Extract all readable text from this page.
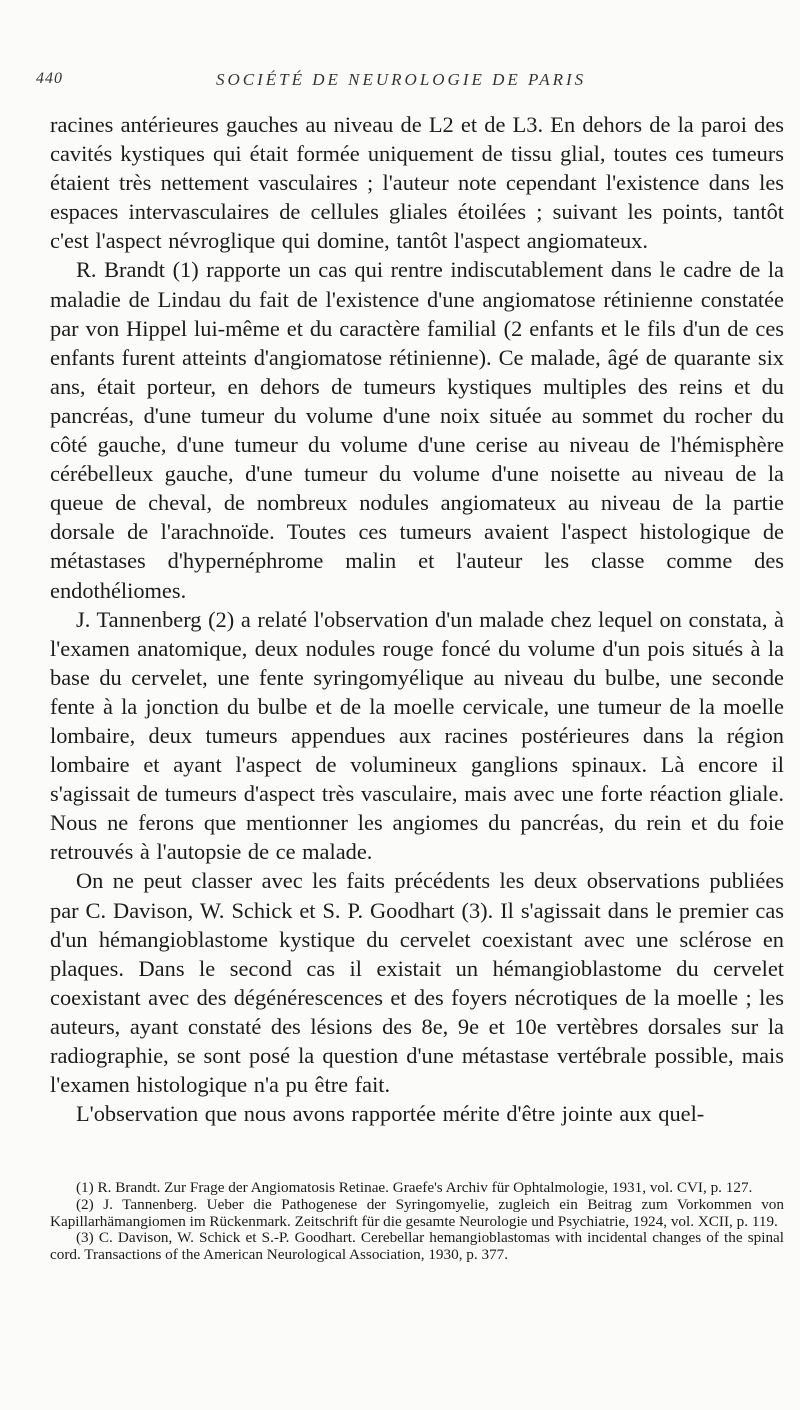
440	SOCIÉTÉ DE NEUROLOGIE DE PARIS

racines antérieures gauches au niveau de L2 et de L3. En dehors de la paroi des cavités kystiques qui était formée uniquement de tissu glial, toutes ces tumeurs étaient très nettement vasculaires ; l'auteur note cependant l'existence dans les espaces intervasculaires de cellules gliales étoilées ; suivant les points, tantôt c'est l'aspect névroglique qui domine, tantôt l'aspect angiomateux.

R. Brandt (1) rapporte un cas qui rentre indiscutablement dans le cadre de la maladie de Lindau du fait de l'existence d'une angiomatose rétinienne constatée par von Hippel lui-même et du caractère familial (2 enfants et le fils d'un de ces enfants furent atteints d'angiomatose rétinienne). Ce malade, âgé de quarante six ans, était porteur, en dehors de tumeurs kystiques multiples des reins et du pancréas, d'une tumeur du volume d'une noix située au sommet du rocher du côté gauche, d'une tumeur du volume d'une cerise au niveau de l'hémisphère cérébelleux gauche, d'une tumeur du volume d'une noisette au niveau de la queue de cheval, de nombreux nodules angiomateux au niveau de la partie dorsale de l'arachnoïde. Toutes ces tumeurs avaient l'aspect histologique de métastases d'hypernéphrome malin et l'auteur les classe comme des endothéliomes.

J. Tannenberg (2) a relaté l'observation d'un malade chez lequel on constata, à l'examen anatomique, deux nodules rouge foncé du volume d'un pois situés à la base du cervelet, une fente syringomyélique au niveau du bulbe, une seconde fente à la jonction du bulbe et de la moelle cervicale, une tumeur de la moelle lombaire, deux tumeurs appendues aux racines postérieures dans la région lombaire et ayant l'aspect de volumineux ganglions spinaux. Là encore il s'agissait de tumeurs d'aspect très vasculaire, mais avec une forte réaction gliale. Nous ne ferons que mentionner les angiomes du pancréas, du rein et du foie retrouvés à l'autopsie de ce malade.

On ne peut classer avec les faits précédents les deux observations publiées par C. Davison, W. Schick et S. P. Goodhart (3). Il s'agissait dans le premier cas d'un hémangioblastome kystique du cervelet coexistant avec une sclérose en plaques. Dans le second cas il existait un hémangioblastome du cervelet coexistant avec des dégénérescences et des foyers nécrotiques de la moelle ; les auteurs, ayant constaté des lésions des 8e, 9e et 10e vertèbres dorsales sur la radiographie, se sont posé la question d'une métastase vertébrale possible, mais l'examen histologique n'a pu être fait.

L'observation que nous avons rapportée mérite d'être jointe aux quel-

(1) R. Brandt. Zur Frage der Angiomatosis Retinae. Graefe's Archiv für Ophtalmologie, 1931, vol. CVI, p. 127.

(2) J. Tannenberg. Ueber die Pathogenese der Syringomyelie, zugleich ein Beitrag zum Vorkommen von Kapillarhämangiomen im Rückenmark. Zeitschrift für die gesamte Neurologie und Psychiatrie, 1924, vol. XCII, p. 119.

(3) C. Davison, W. Schick et S.-P. Goodhart. Cerebellar hemangioblastomas with incidental changes of the spinal cord. Transactions of the American Neurological Association, 1930, p. 377.
